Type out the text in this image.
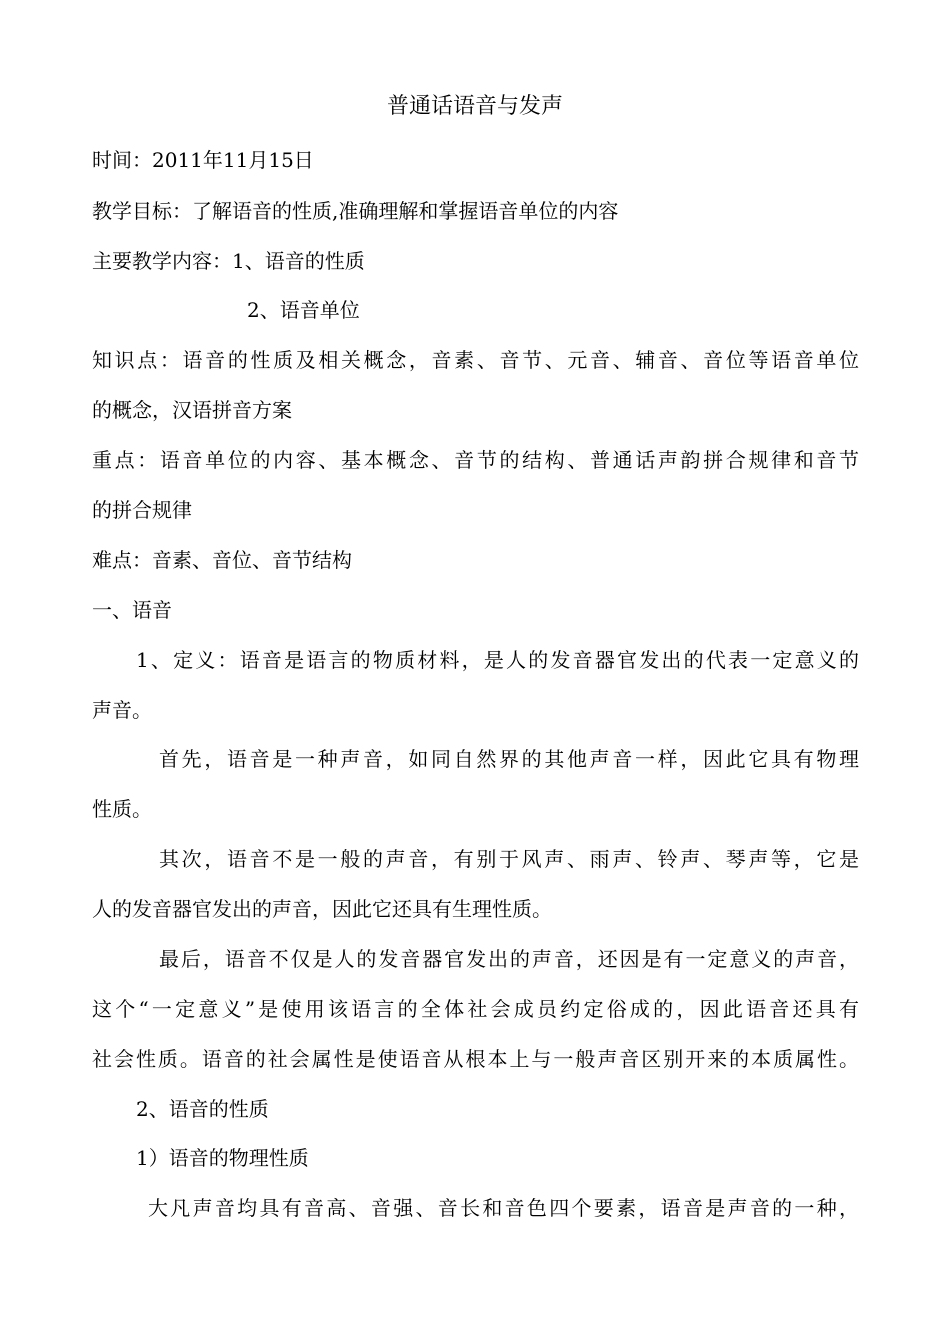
普通话语音与发声
时间：2011年11月15日
教学目标：了解语音的性质,准确理解和掌握语音单位的内容
主要教学内容：1、语音的性质
2、语音单位
知识点：语音的性质及相关概念，音素、音节、元音、辅音、音位等语音单位
的概念，汉语拼音方案
重点：语音单位的内容、基本概念、音节的结构、普通话声韵拼合规律和音节
的拼合规律
难点：音素、音位、音节结构
一、语音
1、定义：语音是语言的物质材料，是人的发音器官发出的代表一定意义的
声音。
首先，语音是一种声音，如同自然界的其他声音一样，因此它具有物理
性质。
其次，语音不是一般的声音，有别于风声、雨声、铃声、琴声等，它是
人的发音器官发出的声音，因此它还具有生理性质。
最后，语音不仅是人的发音器官发出的声音，还因是有一定意义的声音，
这个“一定意义”是使用该语言的全体社会成员约定俗成的，因此语音还具有
社会性质。语音的社会属性是使语音从根本上与一般声音区别开来的本质属性。
2、语音的性质
1）语音的物理性质
大凡声音均具有音高、音强、音长和音色四个要素，语音是声音的一种，
